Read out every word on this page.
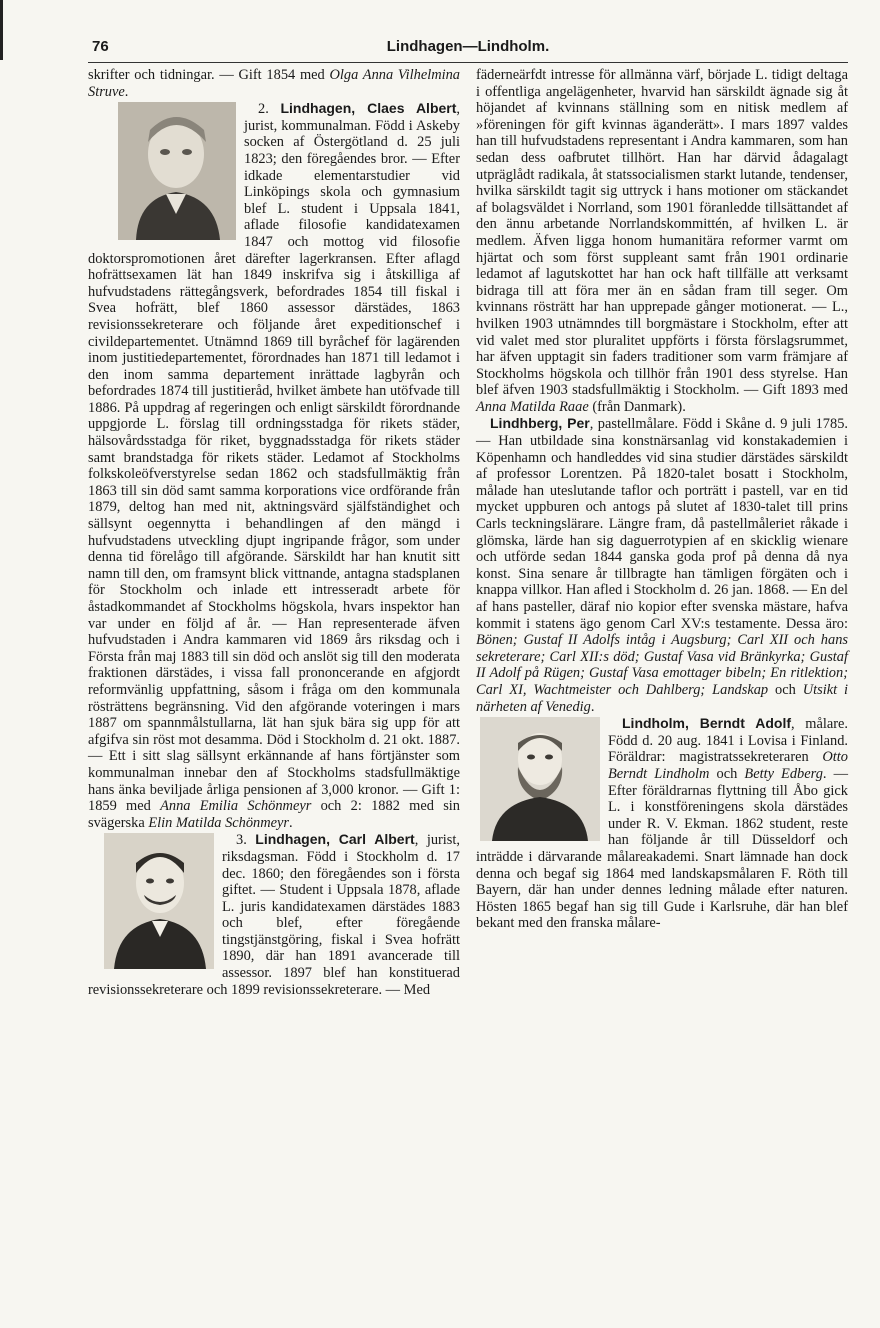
76	Lindhagen—Lindholm.

skrifter och tidningar. — Gift 1854 med Olga Anna Vilhelmina Struve.

2. Lindhagen, Claes Albert
, jurist, kommunalman. Född i Askeby socken af Östergötland d. 25 juli 1823; den föregåendes bror. — Efter idkade elementarstudier vid Linköpings skola och gymnasium blef L. student i Uppsala 1841, aflade filosofie kandidatexamen 1847 och mottog vid filosofie doktorspromotionen året därefter lagerkransen. Efter aflagd hofrättsexamen lät han 1849 inskrifva sig i åtskilliga af hufvudstadens rättegångsverk, befordrades 1854 till fiskal i Svea hofrätt, blef 1860 assessor därstädes, 1863 revisionssekreterare och följande året expeditionschef i civildepartementet. Utnämnd 1869 till byråchef för lagärenden inom justitiedepartementet, förordnades han 1871 till ledamot i den inom samma departement inrättade lagbyrån och befordrades 1874 till justitieråd, hvilket ämbete han utöfvade till 1886. På uppdrag af regeringen och enligt särskildt förordnande uppgjorde L. förslag till ordningsstadga för rikets städer, hälsovårdsstadga för riket, byggnadsstadga för rikets städer samt brandstadga för rikets städer. Ledamot af Stockholms folkskoleöfverstyrelse sedan 1862 och stadsfullmäktig från 1863 till sin död samt samma korporations vice ordförande från 1879, deltog han med nit, aktningsvärd själfständighet och sällsynt oegennytta i behandlingen af den mängd i hufvudstadens utveckling djupt ingripande frågor, som under denna tid förelågo till afgörande. Särskildt har han knutit sitt namn till den, om framsynt blick vittnande, antagna stadsplanen för Stockholm och inlade ett intresseradt arbete för åstadkommandet af Stockholms högskola, hvars inspektor han var under en följd af år. — Han representerade äfven hufvudstaden i Andra kammaren vid 1869 års riksdag och i Första från maj 1883 till sin död och anslöt sig till den moderata fraktionen därstädes, i vissa fall prononcerande en afgjordt reformvänlig uppfattning, såsom i fråga om den kommunala rösträttens begränsning. Vid den afgörande voteringen i mars 1887 om spannmålstullarna, lät han sjuk bära sig upp för att afgifva sin röst mot desamma. Död i Stockholm d. 21 okt. 1887. — Ett i sitt slag sällsynt erkännande af hans förtjänster som kommunalman innebar den af Stockholms stadsfullmäktige hans änka beviljade årliga pensionen af 3,000 kronor. — Gift 1: 1859 med Anna Emilia Schönmeyr och 2: 1882 med sin svägerska Elin Matilda Schönmeyr.

3. Lindhagen, Carl Albert
, jurist, riksdagsman. Född i Stockholm d. 17 dec. 1860; den föregåendes son i första giftet. — Student i Uppsala 1878, aflade L. juris kandidatexamen därstädes 1883 och blef, efter föregående tingstjänstgöring, fiskal i Svea hofrätt 1890, där han 1891 avancerade till assessor. 1897 blef han konstituerad revisionssekreterare och 1899 revisionssekreterare. — Med

fäderneärfdt intresse för allmänna värf, började L. tidigt deltaga i offentliga angelägenheter, hvarvid han särskildt ägnade sig åt höjandet af kvinnans ställning som en nitisk medlem af »föreningen för gift kvinnas äganderätt». I mars 1897 valdes han till hufvudstadens representant i Andra kammaren, som han sedan dess oafbrutet tillhört. Han har därvid ådagalagt utpräglådt radikala, åt statssocialismen starkt lutande, tendenser, hvilka särskildt tagit sig uttryck i hans motioner om stäckandet af bolagsväldet i Norrland, som 1901 föranledde tillsättandet af den ännu arbetande Norrlandskommittén, af hvilken L. är medlem. Äfven ligga honom humanitära reformer varmt om hjärtat och som först suppleant samt från 1901 ordinarie ledamot af lagutskottet har han ock haft tillfälle att verksamt bidraga till att föra mer än en sådan fram till seger. Om kvinnans rösträtt har han upprepade gånger motionerat. — L., hvilken 1903 utnämndes till borgmästare i Stockholm, efter att vid valet med stor pluralitet uppförts i första förslagsrummet, har äfven upptagit sin faders traditioner som varm främjare af Stockholms högskola och tillhör från 1901 dess styrelse. Han blef äfven 1903 stadsfullmäktig i Stockholm. — Gift 1893 med Anna Matilda Raae (från Danmark).

Lindhberg, Per, pastellmålare. Född i Skåne d. 9 juli 1785. — Han utbildade sina konstnärsanlag vid konstakademien i Köpenhamn och handleddes vid sina studier därstädes särskildt af professor Lorentzen. På 1820-talet bosatt i Stockholm, målade han uteslutande taflor och porträtt i pastell, var en tid mycket uppburen och antogs på slutet af 1830-talet till prins Carls teckningslärare. Längre fram, då pastellmåleriet råkade i glömska, lärde han sig daguerrotypien af en skicklig wienare och utförde sedan 1844 ganska goda prof på denna då nya konst. Sina senare år tillbragte han tämligen förgäten och i knappa villkor. Han afled i Stockholm d. 26 jan. 1868. — En del af hans pasteller, däraf nio kopior efter svenska mästare, hafva kommit i statens ägo genom Carl XV:s testamente. Dessa äro: Bönen; Gustaf II Adolfs intåg i Augsburg; Carl XII och hans sekreterare; Carl XII:s död; Gustaf Vasa vid Bränkyrka; Gustaf II Adolf på Rügen; Gustaf Vasa emottager bibeln; En ritlektion; Carl XI, Wachtmeister och Dahlberg; Landskap och Utsikt i närheten af Venedig.

Lindholm, Berndt Adolf
, målare. Född d. 20 aug. 1841 i Lovisa i Finland. Föräldrar: magistratssekreteraren Otto Berndt Lindholm och Betty Edberg. — Efter föräldrarnas flyttning till Åbo gick L. i konstföreningens skola därstädes under R. V. Ekman. 1862 student, reste han följande år till Düsseldorf och inträdde i därvarande målareakademi. Snart lämnade han dock denna och begaf sig 1864 med landskapsmålaren F. Röth till Bayern, där han under dennes ledning målade efter naturen. Hösten 1865 begaf han sig till Gude i Karlsruhe, där han blef bekant med den franska målare-
